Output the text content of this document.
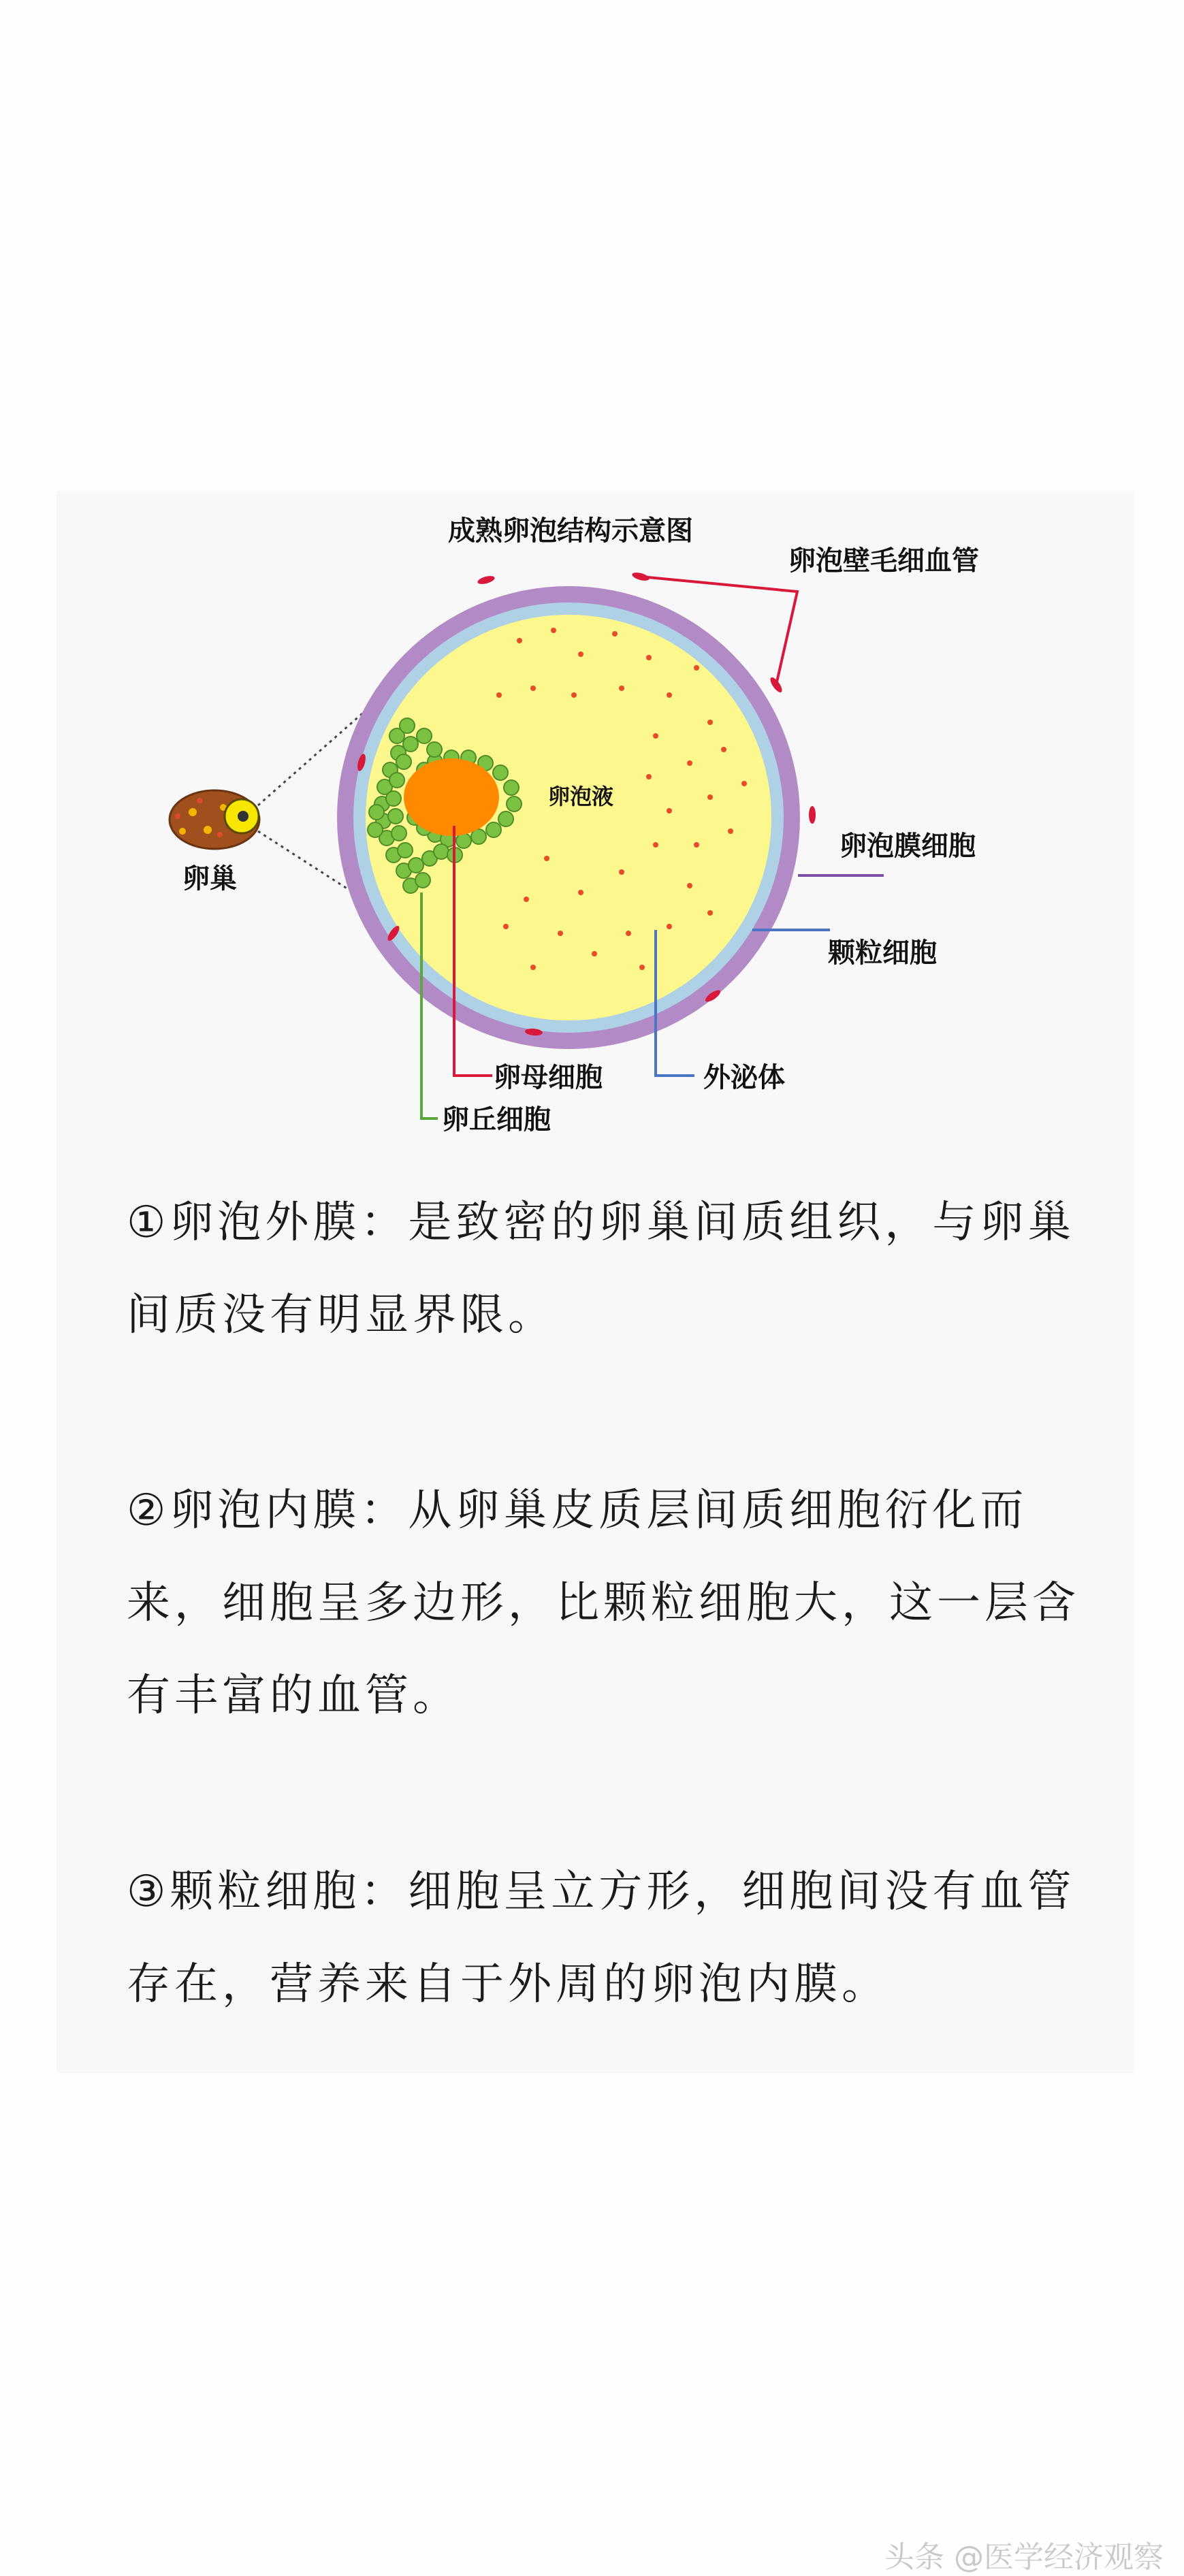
成熟卵泡结构示意图
卵巢
卵泡液
卵泡壁毛细血管
卵泡膜细胞
颗粒细胞
外泌体
卵母细胞
卵丘细胞

①卵泡外膜：是致密的卵巢间质组织，与卵巢间质没有明显界限。

②卵泡内膜：从卵巢皮质层间质细胞衍化而来，细胞呈多边形，比颗粒细胞大，这一层含有丰富的血管。

③颗粒细胞：细胞呈立方形，细胞间没有血管存在，营养来自于外周的卵泡内膜。

头条 @医学经济观察
